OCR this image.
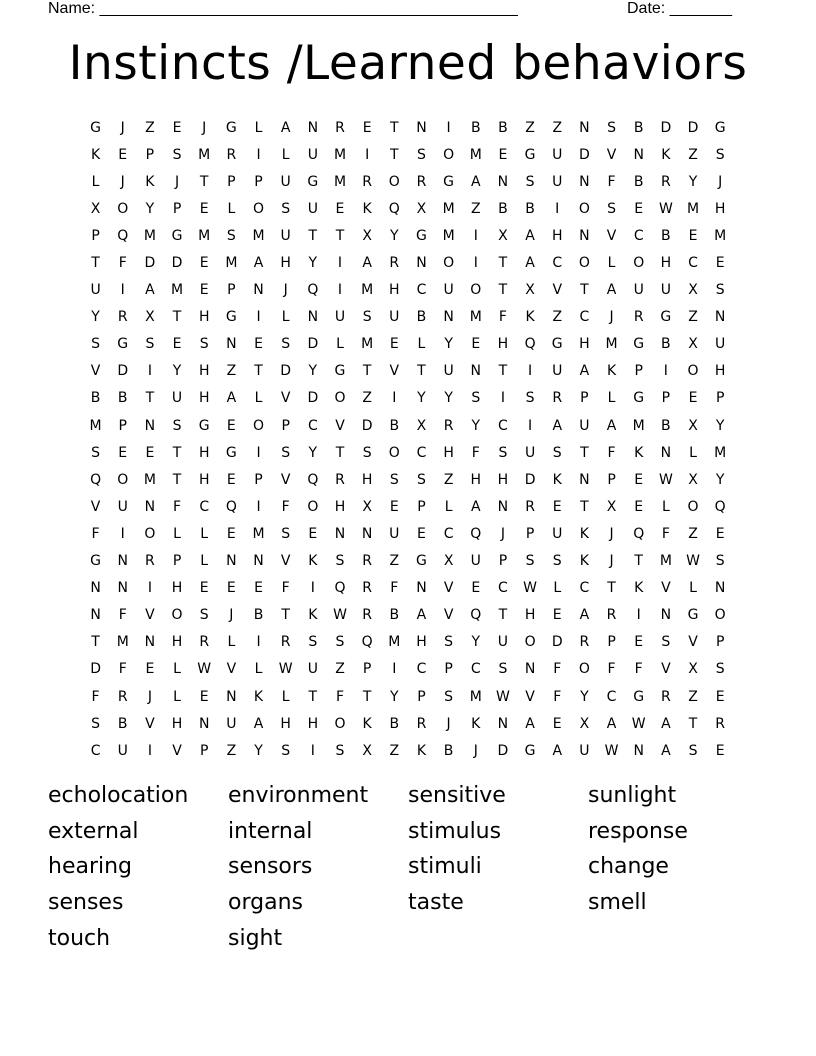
Name: _______________________________________________	Date: _______
Instincts /Learned behaviors
G	J	Z	E	J	G	L	A	N	R	E	T	N	I	B	B	Z	Z	N	S	B	D	D	G
K	E	P	S	M	R	I	L	U	M	I	T	S	O	M	E	G	U	D	V	N	K	Z	S
L	J	K	J	T	P	P	U	G	M	R	O	R	G	A	N	S	U	N	F	B	R	Y	J
X	O	Y	P	E	L	O	S	U	E	K	Q	X	M	Z	B	B	I	O	S	E	W	M	H
P	Q	M	G	M	S	M	U	T	T	X	Y	G	M	I	X	A	H	N	V	C	B	E	M
T	F	D	D	E	M	A	H	Y	I	A	R	N	O	I	T	A	C	O	L	O	H	C	E
U	I	A	M	E	P	N	J	Q	I	M	H	C	U	O	T	X	V	T	A	U	U	X	S
Y	R	X	T	H	G	I	L	N	U	S	U	B	N	M	F	K	Z	C	J	R	G	Z	N
S	G	S	E	S	N	E	S	D	L	M	E	L	Y	E	H	Q	G	H	M	G	B	X	U
V	D	I	Y	H	Z	T	D	Y	G	T	V	T	U	N	T	I	U	A	K	P	I	O	H
B	B	T	U	H	A	L	V	D	O	Z	I	Y	Y	S	I	S	R	P	L	G	P	E	P
M	P	N	S	G	E	O	P	C	V	D	B	X	R	Y	C	I	A	U	A	M	B	X	Y
S	E	E	T	H	G	I	S	Y	T	S	O	C	H	F	S	U	S	T	F	K	N	L	M
Q	O	M	T	H	E	P	V	Q	R	H	S	S	Z	H	H	D	K	N	P	E	W	X	Y
V	U	N	F	C	Q	I	F	O	H	X	E	P	L	A	N	R	E	T	X	E	L	O	Q
F	I	O	L	L	E	M	S	E	N	N	U	E	C	Q	J	P	U	K	J	Q	F	Z	E
G	N	R	P	L	N	N	V	K	S	R	Z	G	X	U	P	S	S	K	J	T	M	W	S
N	N	I	H	E	E	E	F	I	Q	R	F	N	V	E	C	W	L	C	T	K	V	L	N
N	F	V	O	S	J	B	T	K	W	R	B	A	V	Q	T	H	E	A	R	I	N	G	O
T	M	N	H	R	L	I	R	S	S	Q	M	H	S	Y	U	O	D	R	P	E	S	V	P
D	F	E	L	W	V	L	W	U	Z	P	I	C	P	C	S	N	F	O	F	F	V	X	S
F	R	J	L	E	N	K	L	T	F	T	Y	P	S	M	W	V	F	Y	C	G	R	Z	E
S	B	V	H	N	U	A	H	H	O	K	B	R	J	K	N	A	E	X	A	W	A	T	R
C	U	I	V	P	Z	Y	S	I	S	X	Z	K	B	J	D	G	A	U	W	N	A	S	E
echolocation	environment	sensitive	sunlight
external	internal	stimulus	response
hearing	sensors	stimuli	change
senses	organs	taste	smell
touch	sight
